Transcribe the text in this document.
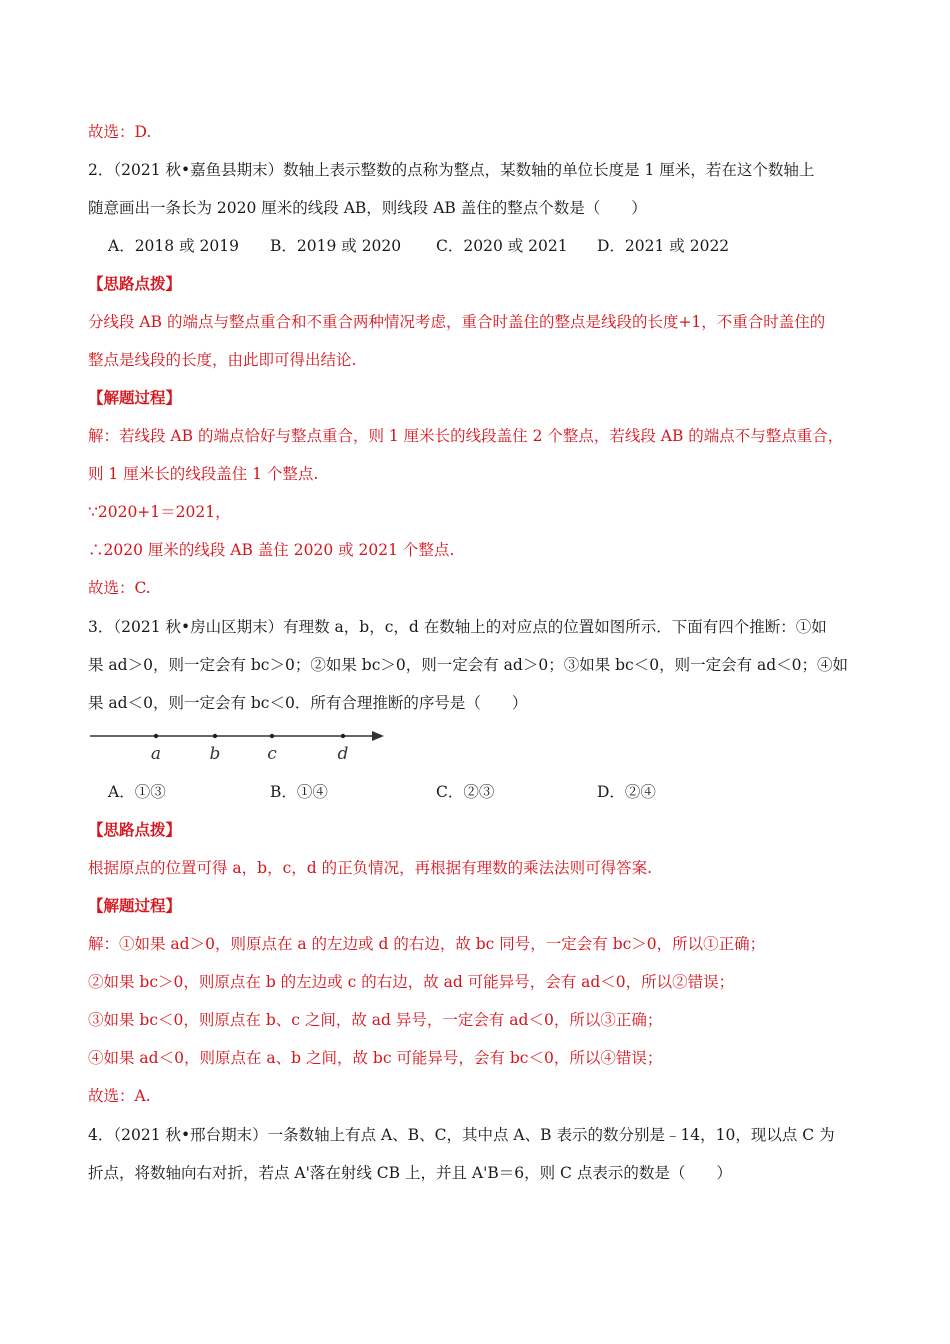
故选：D.
2．（2021 秋•嘉鱼县期末）数轴上表示整数的点称为整点，某数轴的单位长度是 1 厘米，若在这个数轴上
随意画出一条长为 2020 厘米的线段 AB，则线段 AB 盖住的整点个数是（　　）
A．2018 或 2019 B．2019 或 2020 C．2020 或 2021 D．2021 或 2022
【思路点拨】
分线段 AB 的端点与整点重合和不重合两种情况考虑，重合时盖住的整点是线段的长度+1，不重合时盖住的
整点是线段的长度，由此即可得出结论.
【解题过程】
解：若线段 AB 的端点恰好与整点重合，则 1 厘米长的线段盖住 2 个整点，若线段 AB 的端点不与整点重合，
则 1 厘米长的线段盖住 1 个整点.
∵2020+1＝2021，
∴2020 厘米的线段 AB 盖住 2020 或 2021 个整点.
故选：C.
3．（2021 秋•房山区期末）有理数 a，b，c，d 在数轴上的对应点的位置如图所示．下面有四个推断：①如
果 ad＞0，则一定会有 bc＞0；②如果 bc＞0，则一定会有 ad＞0；③如果 bc＜0，则一定会有 ad＜0；④如
果 ad＜0，则一定会有 bc＜0．所有合理推断的序号是（　　）
a	b	c	d
A．①③	B．①④	C．②③	D．②④
【思路点拨】
根据原点的位置可得 a，b，c，d 的正负情况，再根据有理数的乘法法则可得答案.
【解题过程】
解：①如果 ad＞0，则原点在 a 的左边或 d 的右边，故 bc 同号，一定会有 bc＞0，所以①正确；
②如果 bc＞0，则原点在 b 的左边或 c 的右边，故 ad 可能异号，会有 ad＜0，所以②错误；
③如果 bc＜0，则原点在 b、c 之间，故 ad 异号，一定会有 ad＜0，所以③正确；
④如果 ad＜0，则原点在 a、b 之间，故 bc 可能异号，会有 bc＜0，所以④错误；
故选：A.
4．（2021 秋•邢台期末）一条数轴上有点 A、B、C，其中点 A、B 表示的数分别是﹣14，10，现以点 C 为
折点，将数轴向右对折，若点 A'落在射线 CB 上，并且 A'B＝6，则 C 点表示的数是（　　）
